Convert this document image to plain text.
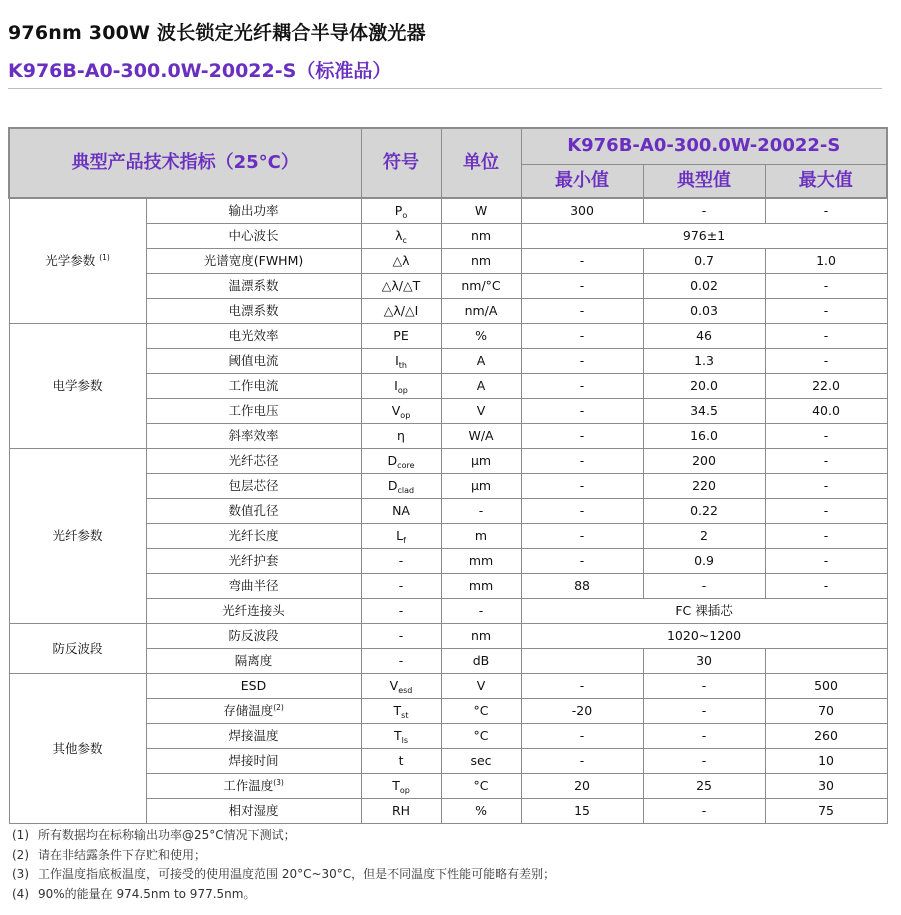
976nm 300W 波长锁定光纤耦合半导体激光器
K976B-A0-300.0W-20022-S（标准品）
典型产品技术指标（25°C）		符号	单位	K976B-A0-300.0W-20022-S		
				最小值	典型值	最大值
光学参数 $^{(1)}$	输出功率	$P_o$	W	300	-	-
	中心波长	$\lambda_c$	nm	976±1		
	光谱宽度(FWHM)	△λ	nm	-	0.7	1.0
	温漂系数	△λ/△T	nm/°C	-	0.02	-
	电漂系数	△λ/△I	nm/A	-	0.03	-
电学参数	电光效率	PE	%	-	46	-
	阈值电流	$I_{th}$	A	-	1.3	-
	工作电流	$I_{op}$	A	-	20.0	22.0
	工作电压	$V_{op}$	V	-	34.5	40.0
	斜率效率	η	W/A	-	16.0	-
光纤参数	光纤芯径	$D_{core}$	μm	-	200	-
	包层芯径	$D_{clad}$	μm	-	220	-
	数值孔径	NA	-	-	0.22	-
	光纤长度	$L_f$	m	-	2	-
	光纤护套	-	mm	-	0.9	-
	弯曲半径	-	mm	88	-	-
	光纤连接头	-	-	FC 裸插芯		
防反波段	防反波段	-	nm	1020~1200		
	隔离度	-	dB		30	
其他参数	ESD	$V_{esd}$	V	-	-	500
	存储温度$^{(2)}$	$T_{st}$	°C	-20	-	70
	焊接温度	$T_{ls}$	°C	-	-	260
	焊接时间	t	sec	-	-	10
	工作温度$^{(3)}$	$T_{op}$	°C	20	25	30
	相对湿度	RH	%	15	-	75
(1) 所有数据均在标称输出功率@25°C情况下测试；
(2) 请在非结露条件下存贮和使用；
(3) 工作温度指底板温度，可接受的使用温度范围 20°C~30°C，但是不同温度下性能可能略有差别；
(4) 90%的能量在 974.5nm to 977.5nm。
